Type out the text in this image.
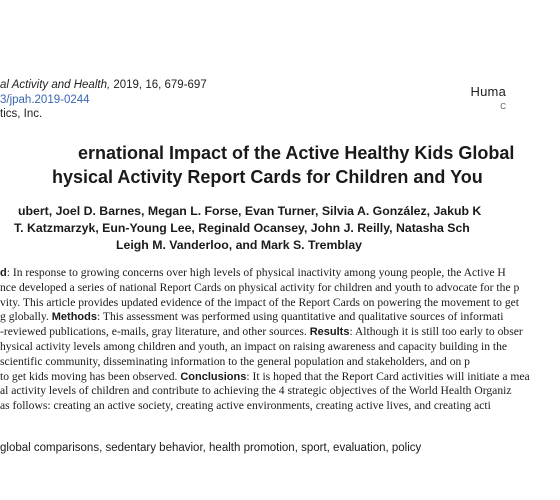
al Activity and Health, 2019, 16, 679-697
3/jpah.2019-0244
tics, Inc.
Huma
C
ernational Impact of the Active Healthy Kids Global
hysical Activity Report Cards for Children and You
ubert, Joel D. Barnes, Megan L. Forse, Evan Turner, Silvia A. González, Jakub K
T. Katzmarzyk, Eun-Young Lee, Reginald Ocansey, John J. Reilly, Natasha Sch
Leigh M. Vanderloo, and Mark S. Tremblay
d: In response to growing concerns over high levels of physical inactivity among young people, the Active H
nce developed a series of national Report Cards on physical activity for children and youth to advocate for the p
vity. This article provides updated evidence of the impact of the Report Cards on powering the movement to get
g globally. Methods: This assessment was performed using quantitative and qualitative sources of informati
-reviewed publications, e-mails, gray literature, and other sources. Results: Although it is still too early to obser
hysical activity levels among children and youth, an impact on raising awareness and capacity building in the
scientific community, disseminating information to the general population and stakeholders, and on p
to get kids moving has been observed. Conclusions: It is hoped that the Report Card activities will initiate a mea
al activity levels of children and contribute to achieving the 4 strategic objectives of the World Health Organiz
as follows: creating an active society, creating active environments, creating active lives, and creating acti
global comparisons, sedentary behavior, health promotion, sport, evaluation, policy
